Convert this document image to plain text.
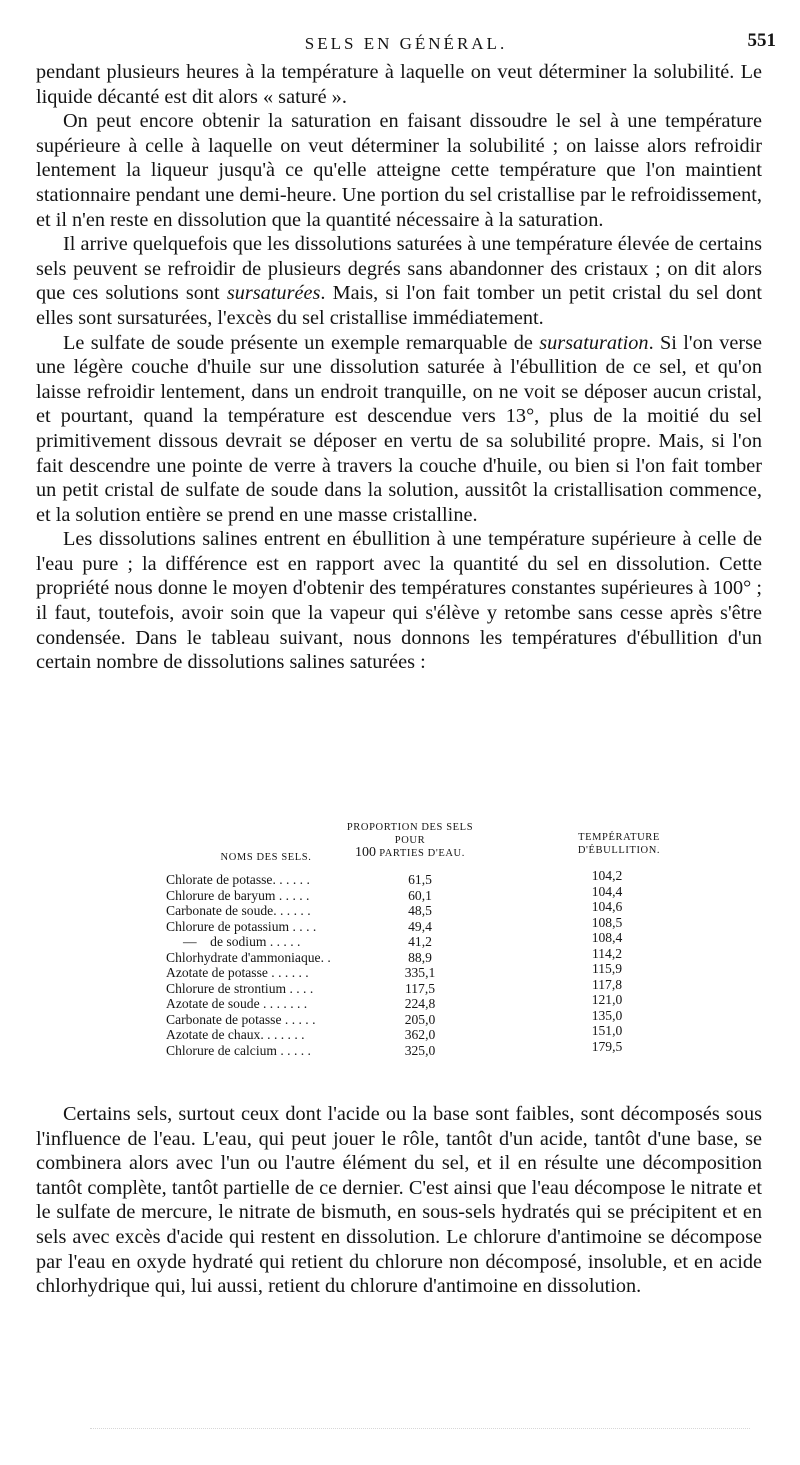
SELS EN GÉNÉRAL.	551

pendant plusieurs heures à la température à laquelle on veut déterminer la solubilité. Le liquide décanté est dit alors « saturé ».

On peut encore obtenir la saturation en faisant dissoudre le sel à une température supérieure à celle à laquelle on veut déterminer la solubilité ; on laisse alors refroidir lentement la liqueur jusqu'à ce qu'elle atteigne cette température que l'on maintient stationnaire pendant une demi-heure. Une portion du sel cristallise par le refroidissement, et il n'en reste en dissolution que la quantité nécessaire à la saturation.

Il arrive quelquefois que les dissolutions saturées à une température élevée de certains sels peuvent se refroidir de plusieurs degrés sans abandonner des cristaux ; on dit alors que ces solutions sont sursaturées. Mais, si l'on fait tomber un petit cristal du sel dont elles sont sursaturées, l'excès du sel cristallise immédiatement.

Le sulfate de soude présente un exemple remarquable de sursaturation. Si l'on verse une légère couche d'huile sur une dissolution saturée à l'ébullition de ce sel, et qu'on laisse refroidir lentement, dans un endroit tranquille, on ne voit se déposer aucun cristal, et pourtant, quand la température est descendue vers 13°, plus de la moitié du sel primitivement dissous devrait se déposer en vertu de sa solubilité propre. Mais, si l'on fait descendre une pointe de verre à travers la couche d'huile, ou bien si l'on fait tomber un petit cristal de sulfate de soude dans la solution, aussitôt la cristallisation commence, et la solution entière se prend en une masse cristalline.

Les dissolutions salines entrent en ébullition à une température supérieure à celle de l'eau pure ; la différence est en rapport avec la quantité du sel en dissolution. Cette propriété nous donne le moyen d'obtenir des températures constantes supérieures à 100° ; il faut, toutefois, avoir soin que la vapeur qui s'élève y retombe sans cesse après s'être condensée. Dans le tableau suivant, nous donnons les températures d'ébullition d'un certain nombre de dissolutions salines saturées :

NOMS DES SELS.
PROPORTION DES SELS
POUR
100 PARTIES D'EAU.
TEMPÉRATURE
D'ÉBULLITION.
Chlorate de potasse. . . . . .	61,5	104,2
Chlorure de baryum . . . . .	60,1	104,4
Carbonate de soude. . . . . .	48,5	104,6
Chlorure de potassium . . . .	49,4	108,5
—    de sodium . . . . .	41,2	108,4
Chlorhydrate d'ammoniaque. .	88,9	114,2
Azotate de potasse . . . . . .	335,1	115,9
Chlorure de strontium . . . .	117,5	117,8
Azotate de soude . . . . . . .	224,8	121,0
Carbonate de potasse . . . . .	205,0	135,0
Azotate de chaux. . . . . . .	362,0	151,0
Chlorure de calcium . . . . .	325,0	179,5

Certains sels, surtout ceux dont l'acide ou la base sont faibles, sont décomposés sous l'influence de l'eau. L'eau, qui peut jouer le rôle, tantôt d'un acide, tantôt d'une base, se combinera alors avec l'un ou l'autre élément du sel, et il en résulte une décomposition tantôt complète, tantôt partielle de ce dernier. C'est ainsi que l'eau décompose le nitrate et le sulfate de mercure, le nitrate de bismuth, en sous-sels hydratés qui se précipitent et en sels avec excès d'acide qui restent en dissolution. Le chlorure d'antimoine se décompose par l'eau en oxyde hydraté qui retient du chlorure non décomposé, insoluble, et en acide chlorhydrique qui, lui aussi, retient du chlorure d'antimoine en dissolution.
